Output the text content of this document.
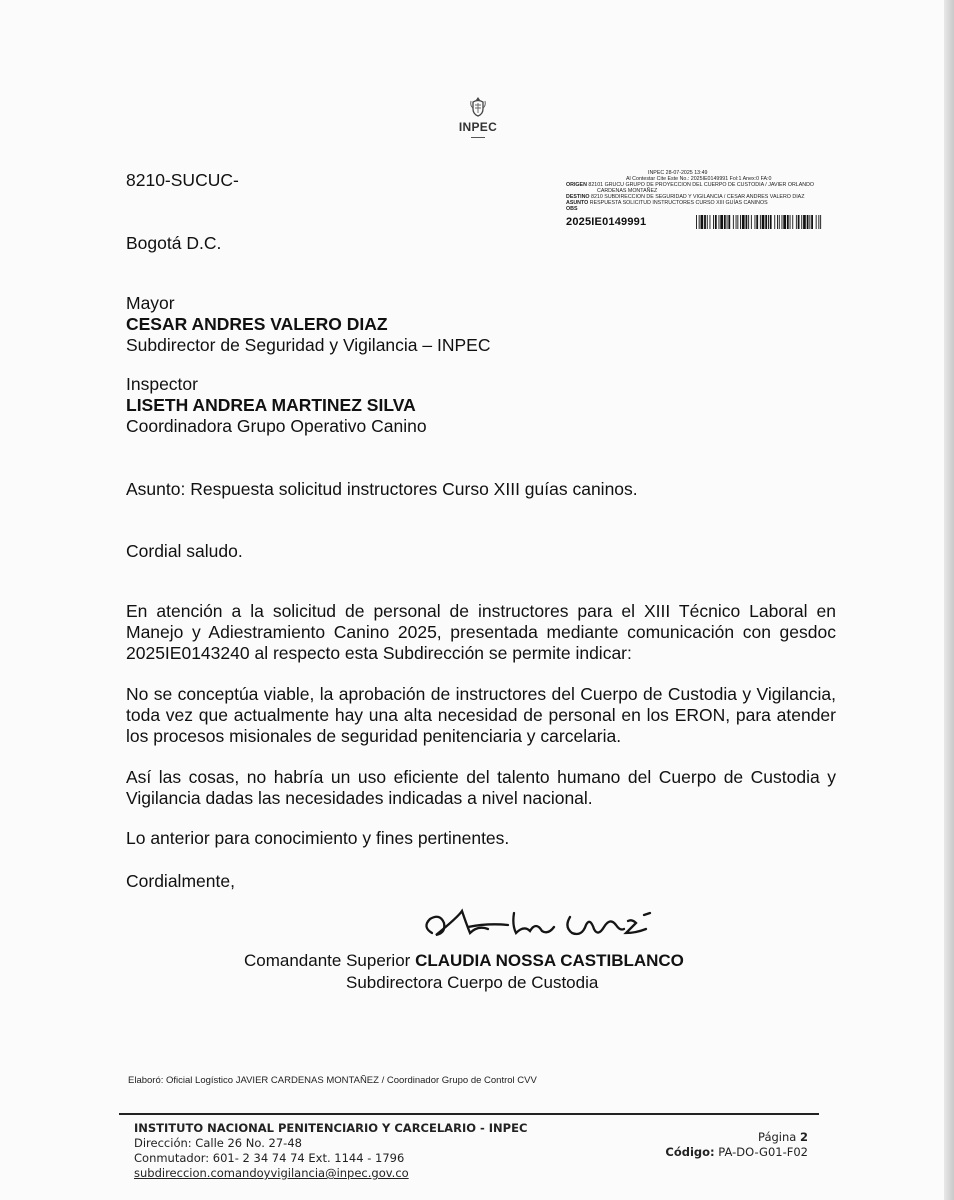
INPEC
8210-SUCUC-	INPEC 28-07-2025 13:49
Al Contestar Cite Este No.: 2025IE0149991 Fol:1 Anex:0 FA:0
ORIGEN 82101 GRUCU GRUPO DE PROYECCION DEL CUERPO DE CUSTODIA / JAVIER ORLANDO
CARDENAS MONTAÑEZ
DESTINO 8210 SUBDIRECCION DE SEGURIDAD Y VIGILANCIA / CESAR ANDRES VALERO DIAZ
ASUNTO RESPUESTA SOLICITUD INSTRUCTORES CURSO XIII GUÍAS CANINOS
OBS
2025IE0149991
Bogotá D.C.
Mayor
CESAR ANDRES VALERO DIAZ
Subdirector de Seguridad y Vigilancia – INPEC
Inspector
LISETH ANDREA MARTINEZ SILVA
Coordinadora Grupo Operativo Canino
Asunto: Respuesta solicitud instructores Curso XIII guías caninos.
Cordial saludo.
En atención a la solicitud de personal de instructores para el XIII Técnico Laboral en Manejo y Adiestramiento Canino 2025, presentada mediante comunicación con gesdoc 2025IE0143240 al respecto esta Subdirección se permite indicar:
No se conceptúa viable, la aprobación de instructores del Cuerpo de Custodia y Vigilancia, toda vez que actualmente hay una alta necesidad de personal en los ERON, para atender los procesos misionales de seguridad penitenciaria y carcelaria.
Así las cosas, no habría un uso eficiente del talento humano del Cuerpo de Custodia y Vigilancia dadas las necesidades indicadas a nivel nacional.
Lo anterior para conocimiento y fines pertinentes.
Cordialmente,
Comandante Superior CLAUDIA NOSSA CASTIBLANCO
Subdirectora Cuerpo de Custodia
Elaboró: Oficial Logístico JAVIER CARDENAS MONTAÑEZ / Coordinador Grupo de Control CVV
INSTITUTO NACIONAL PENITENCIARIO Y CARCELARIO - INPEC
Dirección: Calle 26 No. 27-48
Conmutador: 601- 2 34 74 74 Ext. 1144 - 1796
subdireccion.comandoyvigilancia@inpec.gov.co
Página 2
Código: PA-DO-G01-F02
